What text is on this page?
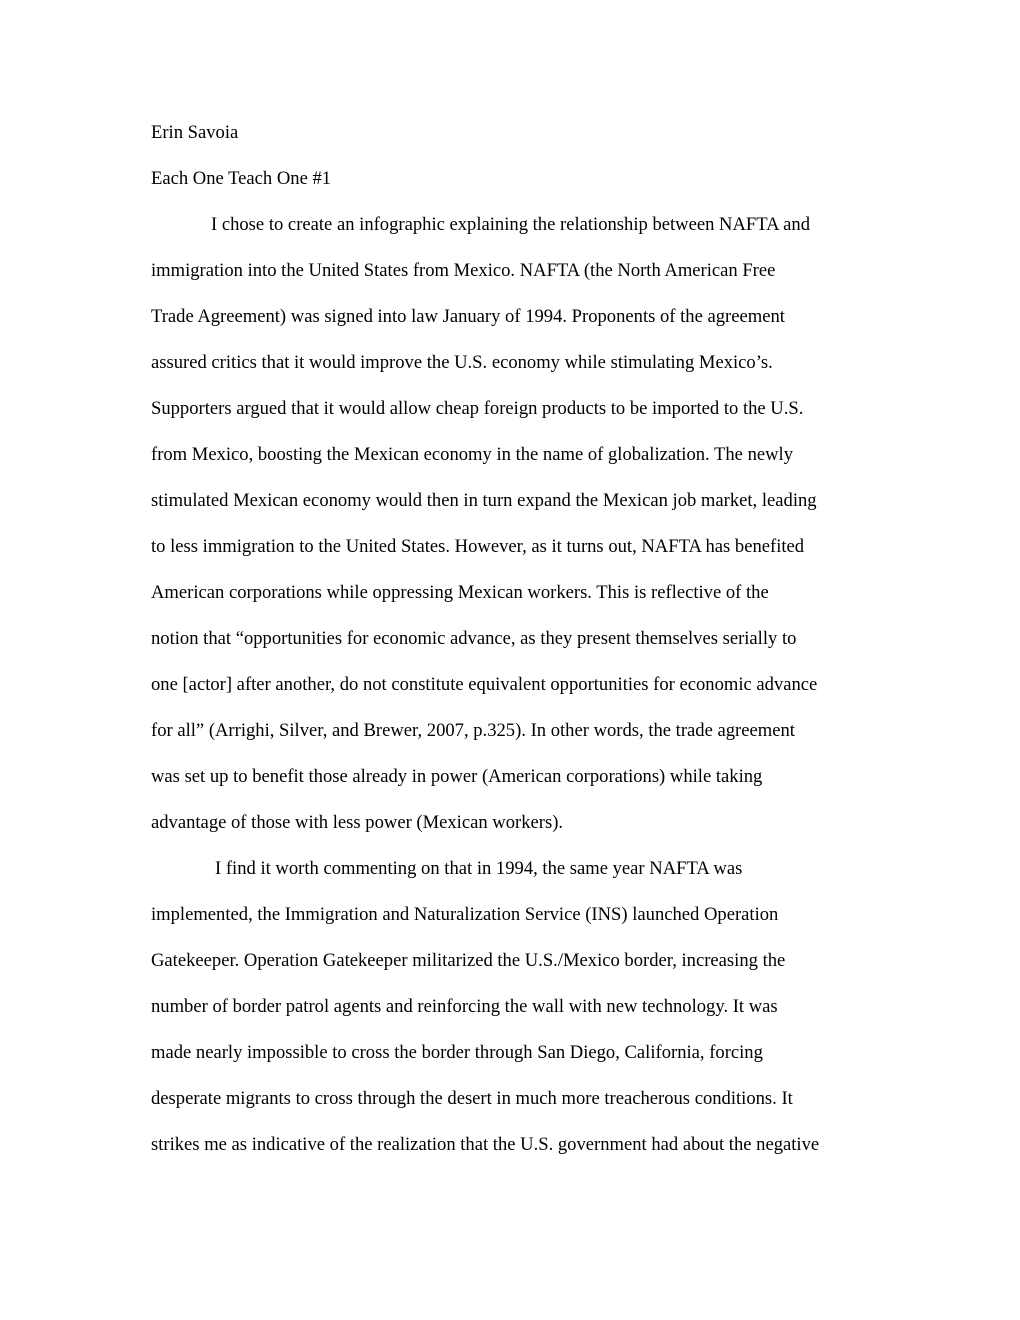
Erin Savoia
Each One Teach One #1
I chose to create an infographic explaining the relationship between NAFTA and
immigration into the United States from Mexico. NAFTA (the North American Free
Trade Agreement) was signed into law January of 1994. Proponents of the agreement
assured critics that it would improve the U.S. economy while stimulating Mexico’s.
Supporters argued that it would allow cheap foreign products to be imported to the U.S.
from Mexico, boosting the Mexican economy in the name of globalization. The newly
stimulated Mexican economy would then in turn expand the Mexican job market, leading
to less immigration to the United States. However, as it turns out, NAFTA has benefited
American corporations while oppressing Mexican workers. This is reflective of the
notion that “opportunities for economic advance, as they present themselves serially to
one [actor] after another, do not constitute equivalent opportunities for economic advance
for all” (Arrighi, Silver, and Brewer, 2007, p.325). In other words, the trade agreement
was set up to benefit those already in power (American corporations) while taking
advantage of those with less power (Mexican workers).
I find it worth commenting on that in 1994, the same year NAFTA was
implemented, the Immigration and Naturalization Service (INS) launched Operation
Gatekeeper. Operation Gatekeeper militarized the U.S./Mexico border, increasing the
number of border patrol agents and reinforcing the wall with new technology. It was
made nearly impossible to cross the border through San Diego, California, forcing
desperate migrants to cross through the desert in much more treacherous conditions. It
strikes me as indicative of the realization that the U.S. government had about the negative
